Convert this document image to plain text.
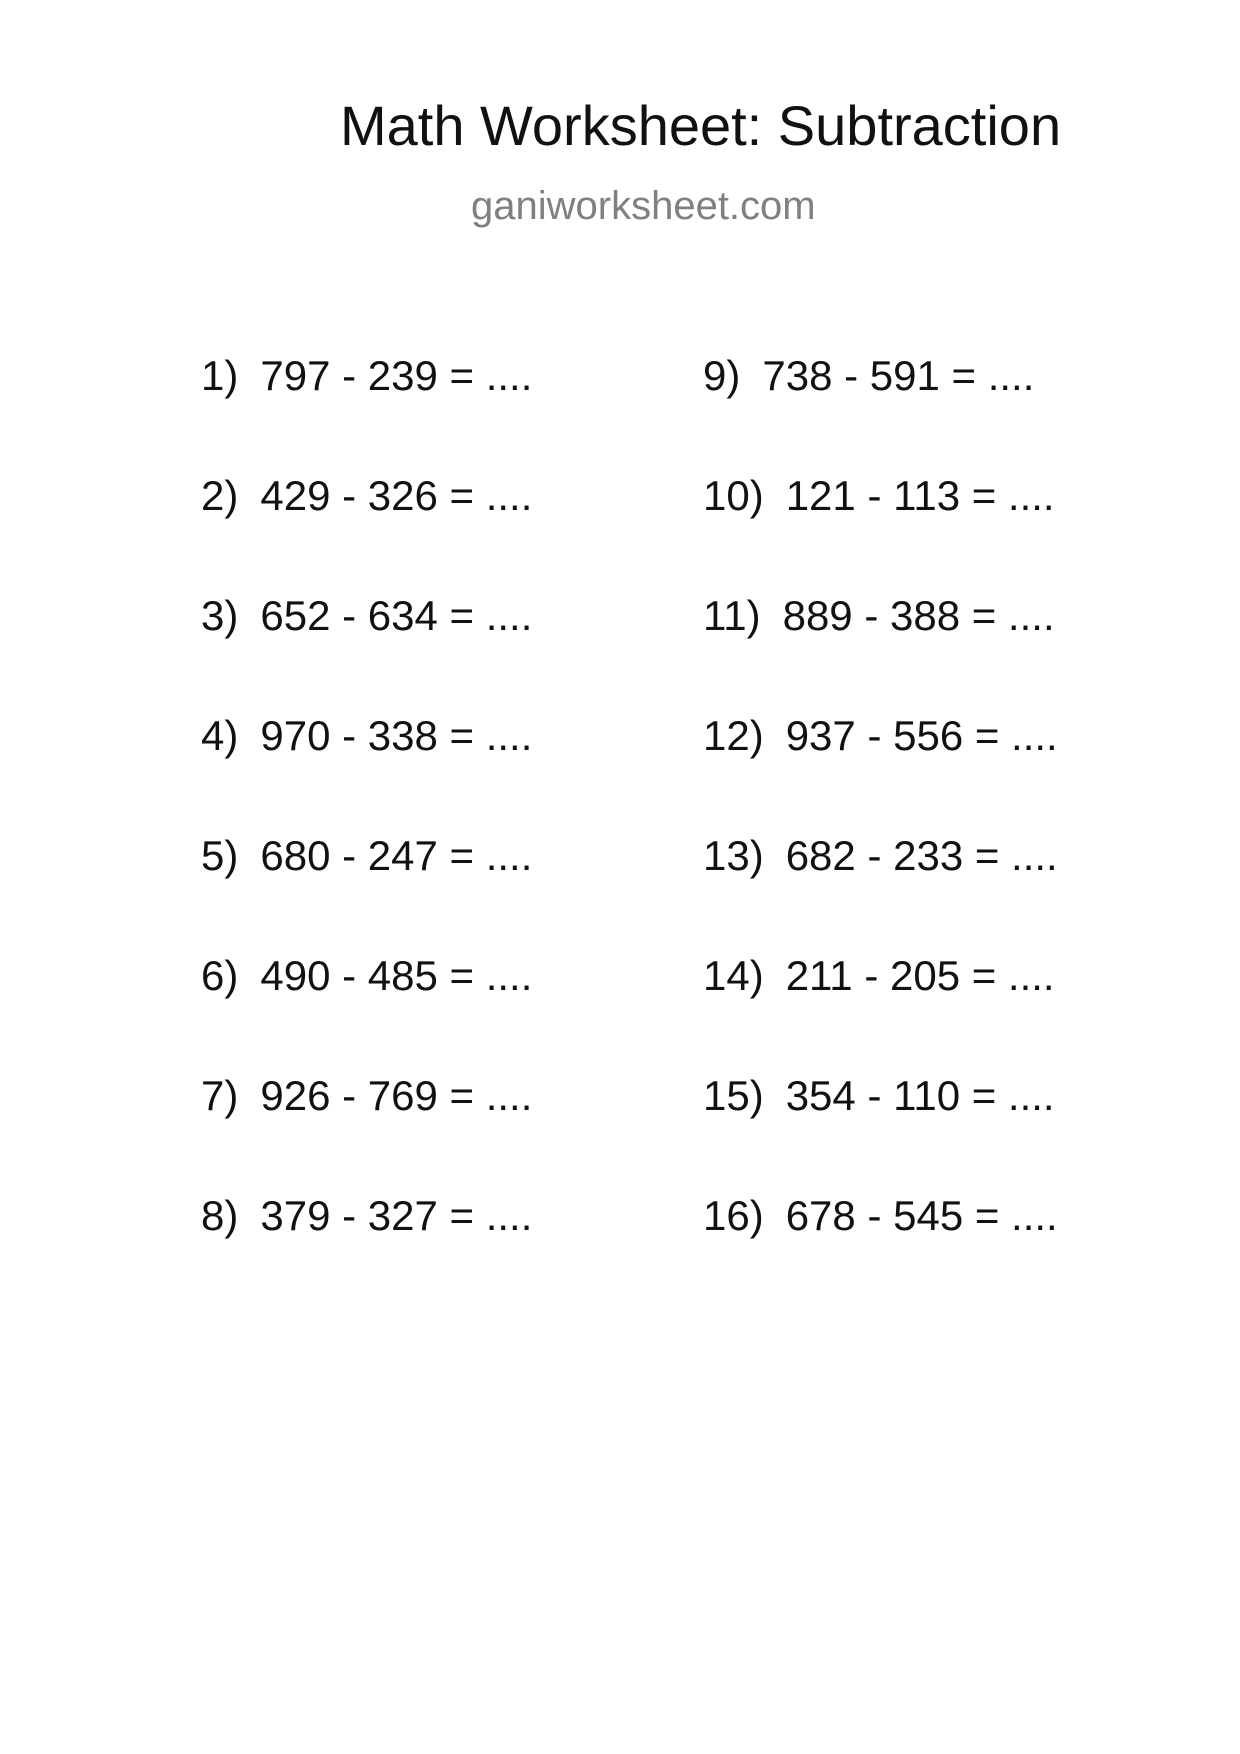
Math Worksheet: Subtraction
ganiworksheet.com
1) 797 - 239 = ....
2) 429 - 326 = ....
3) 652 - 634 = ....
4) 970 - 338 = ....
5) 680 - 247 = ....
6) 490 - 485 = ....
7) 926 - 769 = ....
8) 379 - 327 = ....
9) 738 - 591 = ....
10) 121 - 113 = ....
11) 889 - 388 = ....
12) 937 - 556 = ....
13) 682 - 233 = ....
14) 211 - 205 = ....
15) 354 - 110 = ....
16) 678 - 545 = ....
